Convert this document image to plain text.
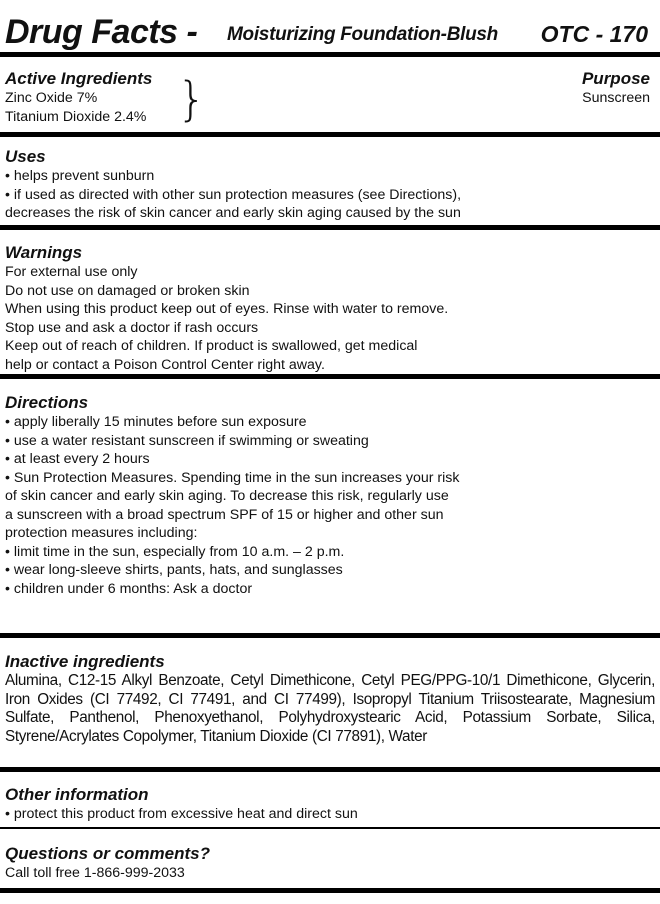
Drug Facts - Moisturizing Foundation-Blush OTC - 170
Active Ingredients
Zinc Oxide 7%
Titanium Dioxide 2.4%
Purpose
Sunscreen
}
Uses
• helps prevent sunburn
• if used as directed with other sun protection measures (see Directions),
decreases the risk of skin cancer and early skin aging caused by the sun
Warnings
For external use only
Do not use on damaged or broken skin
When using this product keep out of eyes. Rinse with water to remove.
Stop use and ask a doctor if rash occurs
Keep out of reach of children. If product is swallowed, get medical
help or contact a Poison Control Center right away.
Directions
• apply liberally 15 minutes before sun exposure
• use a water resistant sunscreen if swimming or sweating
• at least every 2 hours
• Sun Protection Measures. Spending time in the sun increases your risk
of skin cancer and early skin aging. To decrease this risk, regularly use
a sunscreen with a broad spectrum SPF of 15 or higher and other sun
protection measures including:
• limit time in the sun, especially from 10 a.m. – 2 p.m.
• wear long-sleeve shirts, pants, hats, and sunglasses
• children under 6 months: Ask a doctor
Inactive ingredients
Alumina, C12-15 Alkyl Benzoate, Cetyl Dimethicone, Cetyl PEG/PPG-10/1 Dimethicone, Glycerin, Iron Oxides (CI 77492, CI 77491, and CI 77499), Isopropyl Titanium Triisostearate, Magnesium Sulfate, Panthenol, Phenoxyethanol, Polyhydroxystearic Acid, Potassium Sorbate, Silica, Styrene/Acrylates Copolymer, Titanium Dioxide (CI 77891), Water
Other information
• protect this product from excessive heat and direct sun
Questions or comments?
Call toll free 1-866-999-2033
